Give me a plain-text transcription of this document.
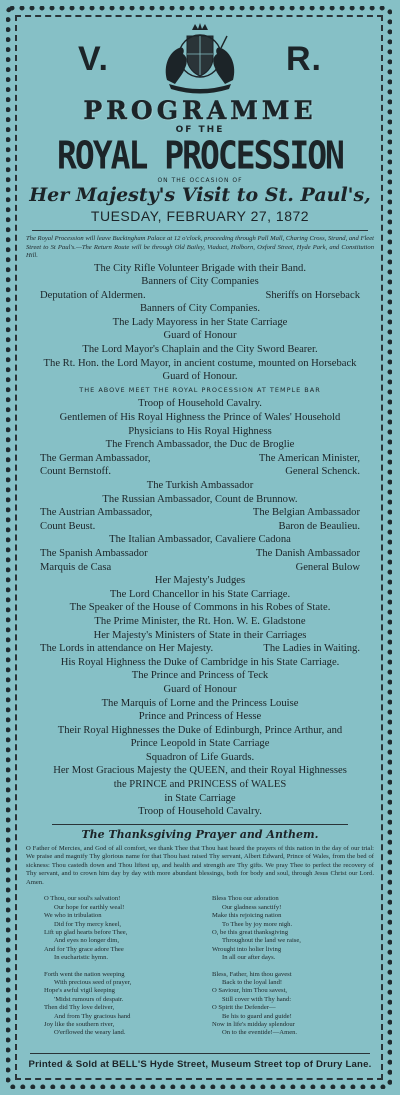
V.	R.
PROGRAMME
OF THE
ROYAL PROCESSION
ON THE OCCASION OF
Her Majesty's Visit to St. Paul's,
TUESDAY, FEBRUARY 27, 1872
The Royal Procession will leave Buckingham Palace at 12 o'clock, proceeding through Pall Mall, Charing Cross, Strand, and Fleet Street to St Paul's.—The Return Route will be through Old Bailey, Viaduct, Holborn, Oxford Street, Hyde Park, and Constitution Hill.
The City Rifle Volunteer Brigade with their Band.
Banners of City Companies
Deputation of Aldermen.	Sheriffs on Horseback
Banners of City Companies.
The Lady Mayoress in her State Carriage
Guard of Honour
The Lord Mayor's Chaplain and the City Sword Bearer.
The Rt. Hon. the Lord Mayor, in ancient costume, mounted on Horseback
Guard of Honour.
THE ABOVE MEET THE ROYAL PROCESSION AT TEMPLE BAR
Troop of Household Cavalry.
Gentlemen of His Royal Highness the Prince of Wales' Household
Physicians to His Royal Highness
The French Ambassador, the Duc de Broglie
The German Ambassador,	The American Minister,
Count Bernstoff.	General Schenck.
The Turkish Ambassador
The Russian Ambassador, Count de Brunnow.
The Austrian Ambassador,	The Belgian Ambassador
Count Beust.	Baron de Beaulieu.
The Italian Ambassador, Cavaliere Cadona
The Spanish Ambassador	The Danish Ambassador
Marquis de Casa	General Bulow
Her Majesty's Judges
The Lord Chancellor in his State Carriage.
The Speaker of the House of Commons in his Robes of State.
The Prime Minister, the Rt. Hon. W. E. Gladstone
Her Majesty's Ministers of State in their Carriages
The Lords in attendance on Her Majesty.	The Ladies in Waiting.
His Royal Highness the Duke of Cambridge in his State Carriage.
The Prince and Princess of Teck
Guard of Honour
The Marquis of Lorne and the Princess Louise
Prince and Princess of Hesse
Their Royal Highnesses the Duke of Edinburgh, Prince Arthur, and
Prince Leopold in State Carriage
Squadron of Life Guards.
Her Most Gracious Majesty the QUEEN, and their Royal Highnesses
the PRINCE and PRINCESS of WALES
in State Carriage
Troop of Household Cavalry.
The Thanksgiving Prayer and Anthem.
O Father of Mercies, and God of all comfort, we thank Thee that Thou hast heard the prayers of this nation in the day of our trial: We praise and magnify Thy glorious name for that Thou hast raised Thy servant, Albert Edward, Prince of Wales, from the bed of sickness: Thou castedh down and Thou liftest up, and health and strength are Thy gifts. We pray Thee to perfect the recovery of Thy servant, and to crown him day by day with more abundant blessings, both for body and soul, through Jesus Christ our Lord. Amen.
O Thou, our soul's salvation!
Our hope for earthly weal!
We who in tribulation
Did for Thy mercy kneel,
Lift up glad hearts before Thee,
And eyes no longer dim,
And for Thy grace adore Thee
In eucharistic hymn.
Forth went the nation weeping
With precious seed of prayer,
Hope's awful vigil keeping
'Midst rumours of despair.
Then did Thy love deliver,
And from Thy gracious hand
Joy like the southern river,
O'erflowed the weary land.
Bless Thou our adoration
Our gladness sanctify!
Make this rejoicing nation
To Thee by joy more nigh.
O, be this great thanksgiving
Throughout the land we raise,
Wrought into holier living
In all our after days.
Bless, Father, him thou gavest
Back to the loyal land!
O Saviour, him Thou savest,
Still cover with Thy hand:
O Spirit the Defender—
Be his to guard and guide!
Now in life's midday splendour
On to the eventide!—Amen.
Printed & Sold at BELL'S Hyde Street, Museum Street top of Drury Lane.
